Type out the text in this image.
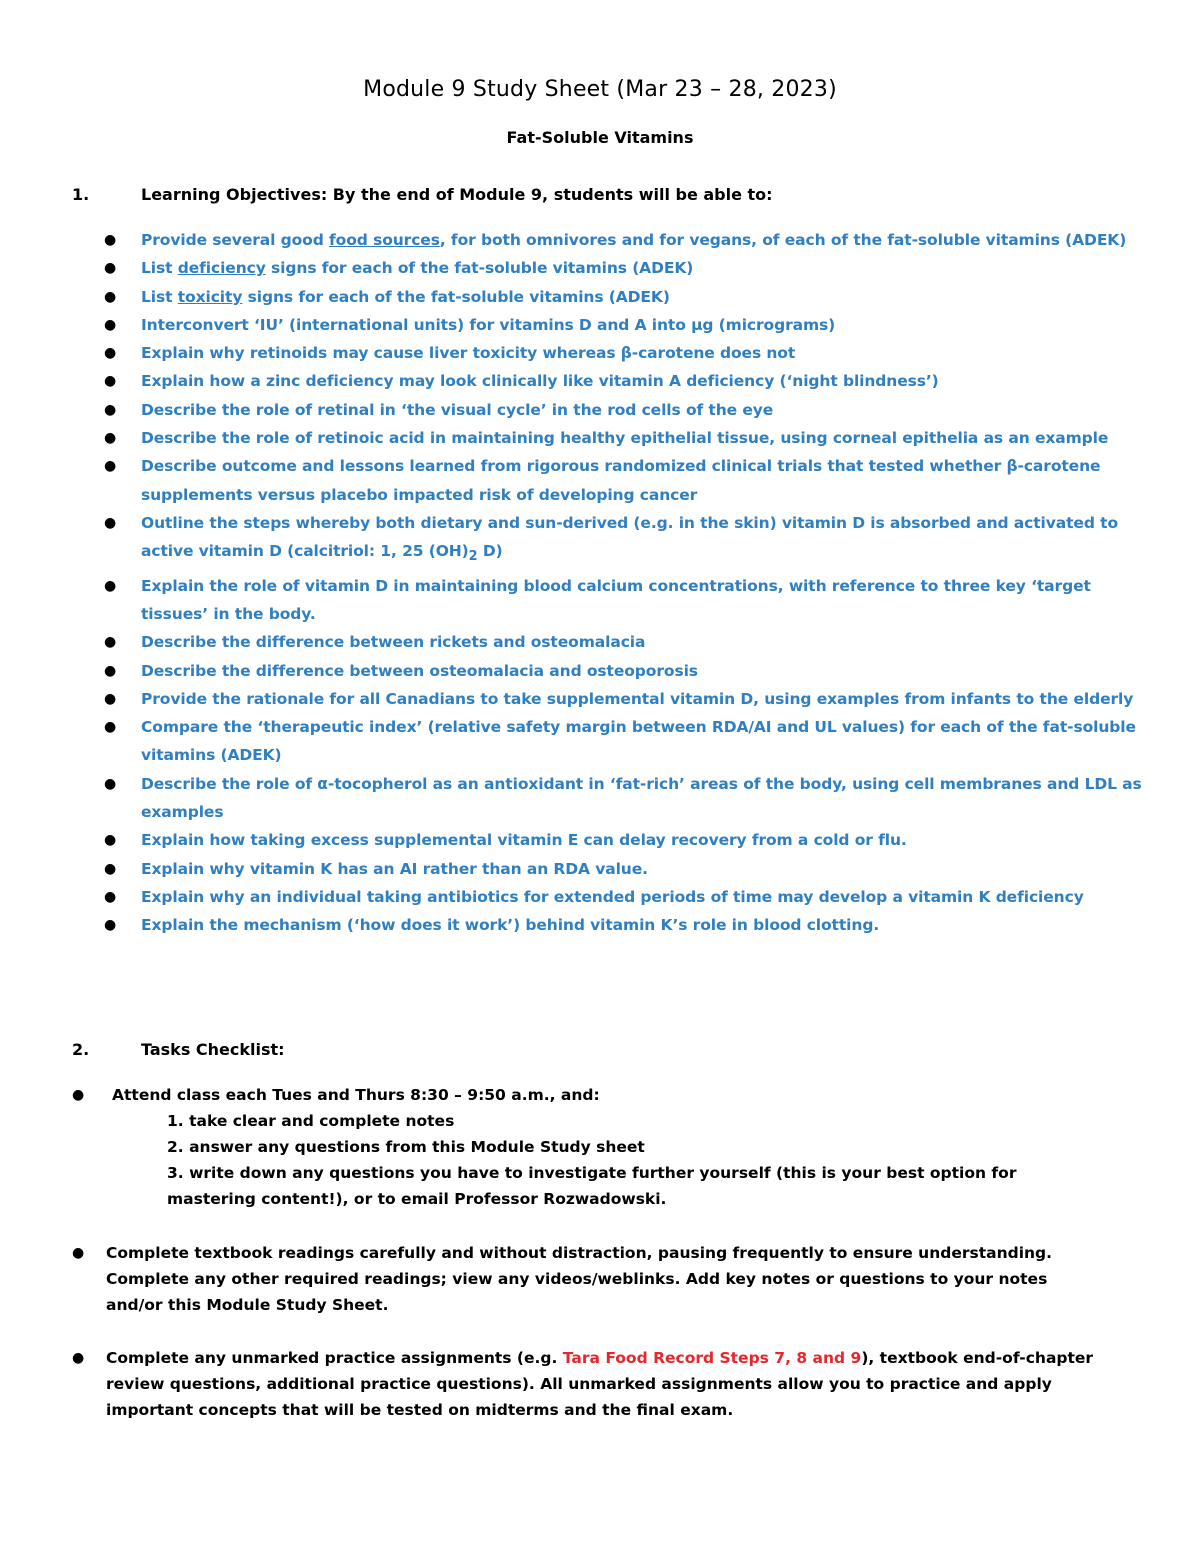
Module 9 Study Sheet (Mar 23 – 28, 2023)
Fat-Soluble Vitamins
1.	Learning Objectives: By the end of Module 9, students will be able to:
● Provide several good food sources, for both omnivores and for vegans, of each of the fat-soluble vitamins (ADEK)
● List deficiency signs for each of the fat-soluble vitamins (ADEK)
● List toxicity signs for each of the fat-soluble vitamins (ADEK)
● Interconvert ‘IU’ (international units) for vitamins D and A into µg (micrograms)
● Explain why retinoids may cause liver toxicity whereas β-carotene does not
● Explain how a zinc deficiency may look clinically like vitamin A deficiency (‘night blindness’)
● Describe the role of retinal in ‘the visual cycle’ in the rod cells of the eye
● Describe the role of retinoic acid in maintaining healthy epithelial tissue, using corneal epithelia as an example
● Describe outcome and lessons learned from rigorous randomized clinical trials that tested whether β-carotene supplements versus placebo impacted risk of developing cancer
● Outline the steps whereby both dietary and sun-derived (e.g. in the skin) vitamin D is absorbed and activated to active vitamin D (calcitriol: 1, 25 $(OH)_2$ D)
● Explain the role of vitamin D in maintaining blood calcium concentrations, with reference to three key ‘target tissues’ in the body.
● Describe the difference between rickets and osteomalacia
● Describe the difference between osteomalacia and osteoporosis
● Provide the rationale for all Canadians to take supplemental vitamin D, using examples from infants to the elderly
● Compare the ‘therapeutic index’ (relative safety margin between RDA/AI and UL values) for each of the fat-soluble vitamins (ADEK)
● Describe the role of α-tocopherol as an antioxidant in ‘fat-rich’ areas of the body, using cell membranes and LDL as examples
● Explain how taking excess supplemental vitamin E can delay recovery from a cold or flu.
● Explain why vitamin K has an AI rather than an RDA value.
● Explain why an individual taking antibiotics for extended periods of time may develop a vitamin K deficiency
● Explain the mechanism (‘how does it work’) behind vitamin K’s role in blood clotting.
2.	Tasks Checklist:
● Attend class each Tues and Thurs 8:30 – 9:50 a.m., and:
1. take clear and complete notes
2. answer any questions from this Module Study sheet
3. write down any questions you have to investigate further yourself (this is your best option for
mastering content!), or to email Professor Rozwadowski.
● Complete textbook readings carefully and without distraction, pausing frequently to ensure understanding.
Complete any other required readings; view any videos/weblinks. Add key notes or questions to your notes
and/or this Module Study Sheet.
● Complete any unmarked practice assignments (e.g. Tara Food Record Steps 7, 8 and 9), textbook end-of-chapter
review questions, additional practice questions). All unmarked assignments allow you to practice and apply
important concepts that will be tested on midterms and the final exam.
